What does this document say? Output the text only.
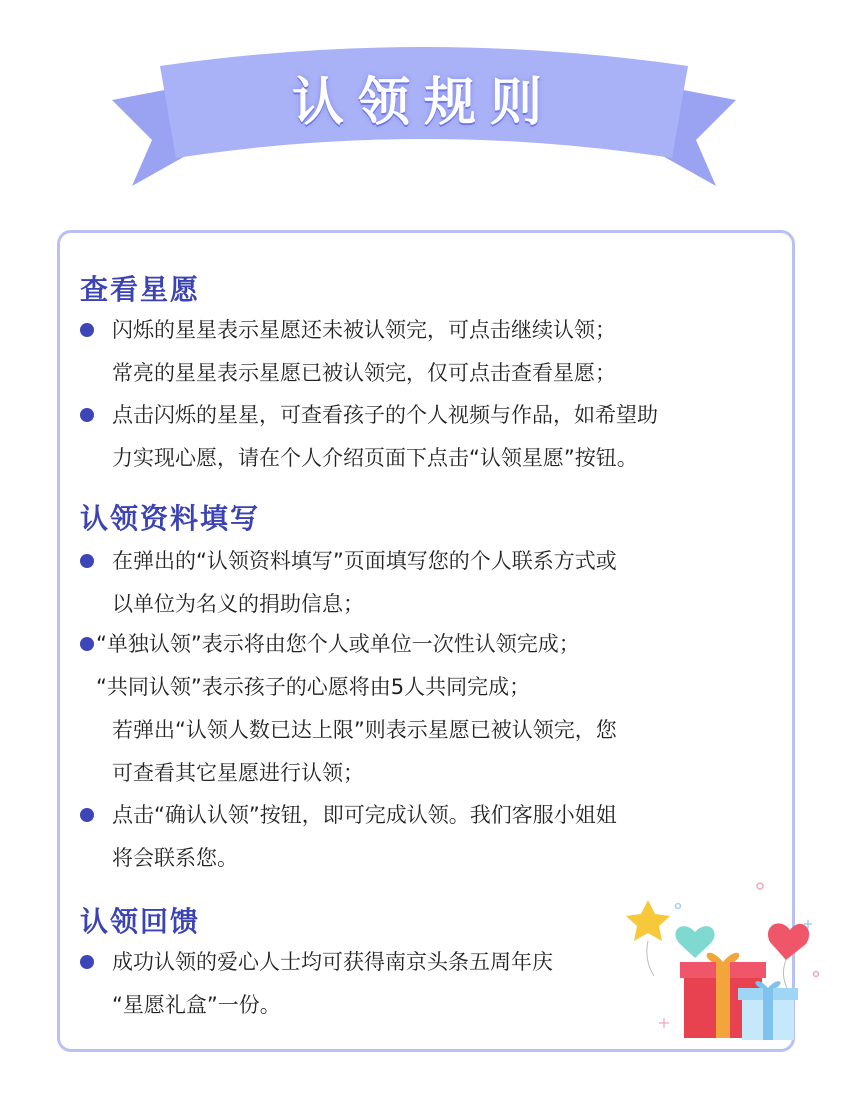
认领规则
查看星愿
闪烁的星星表示星愿还未被认领完，可点击继续认领；
常亮的星星表示星愿已被认领完，仅可点击查看星愿；
点击闪烁的星星，可查看孩子的个人视频与作品，如希望助
力实现心愿，请在个人介绍页面下点击“认领星愿”按钮。
认领资料填写
在弹出的“认领资料填写”页面填写您的个人联系方式或
以单位为名义的捐助信息；
“单独认领”表示将由您个人或单位一次性认领完成；
“共同认领”表示孩子的心愿将由5人共同完成；
若弹出“认领人数已达上限”则表示星愿已被认领完，您
可查看其它星愿进行认领；
点击“确认认领”按钮，即可完成认领。我们客服小姐姐
将会联系您。
认领回馈
成功认领的爱心人士均可获得南京头条五周年庆
“星愿礼盒”一份。
